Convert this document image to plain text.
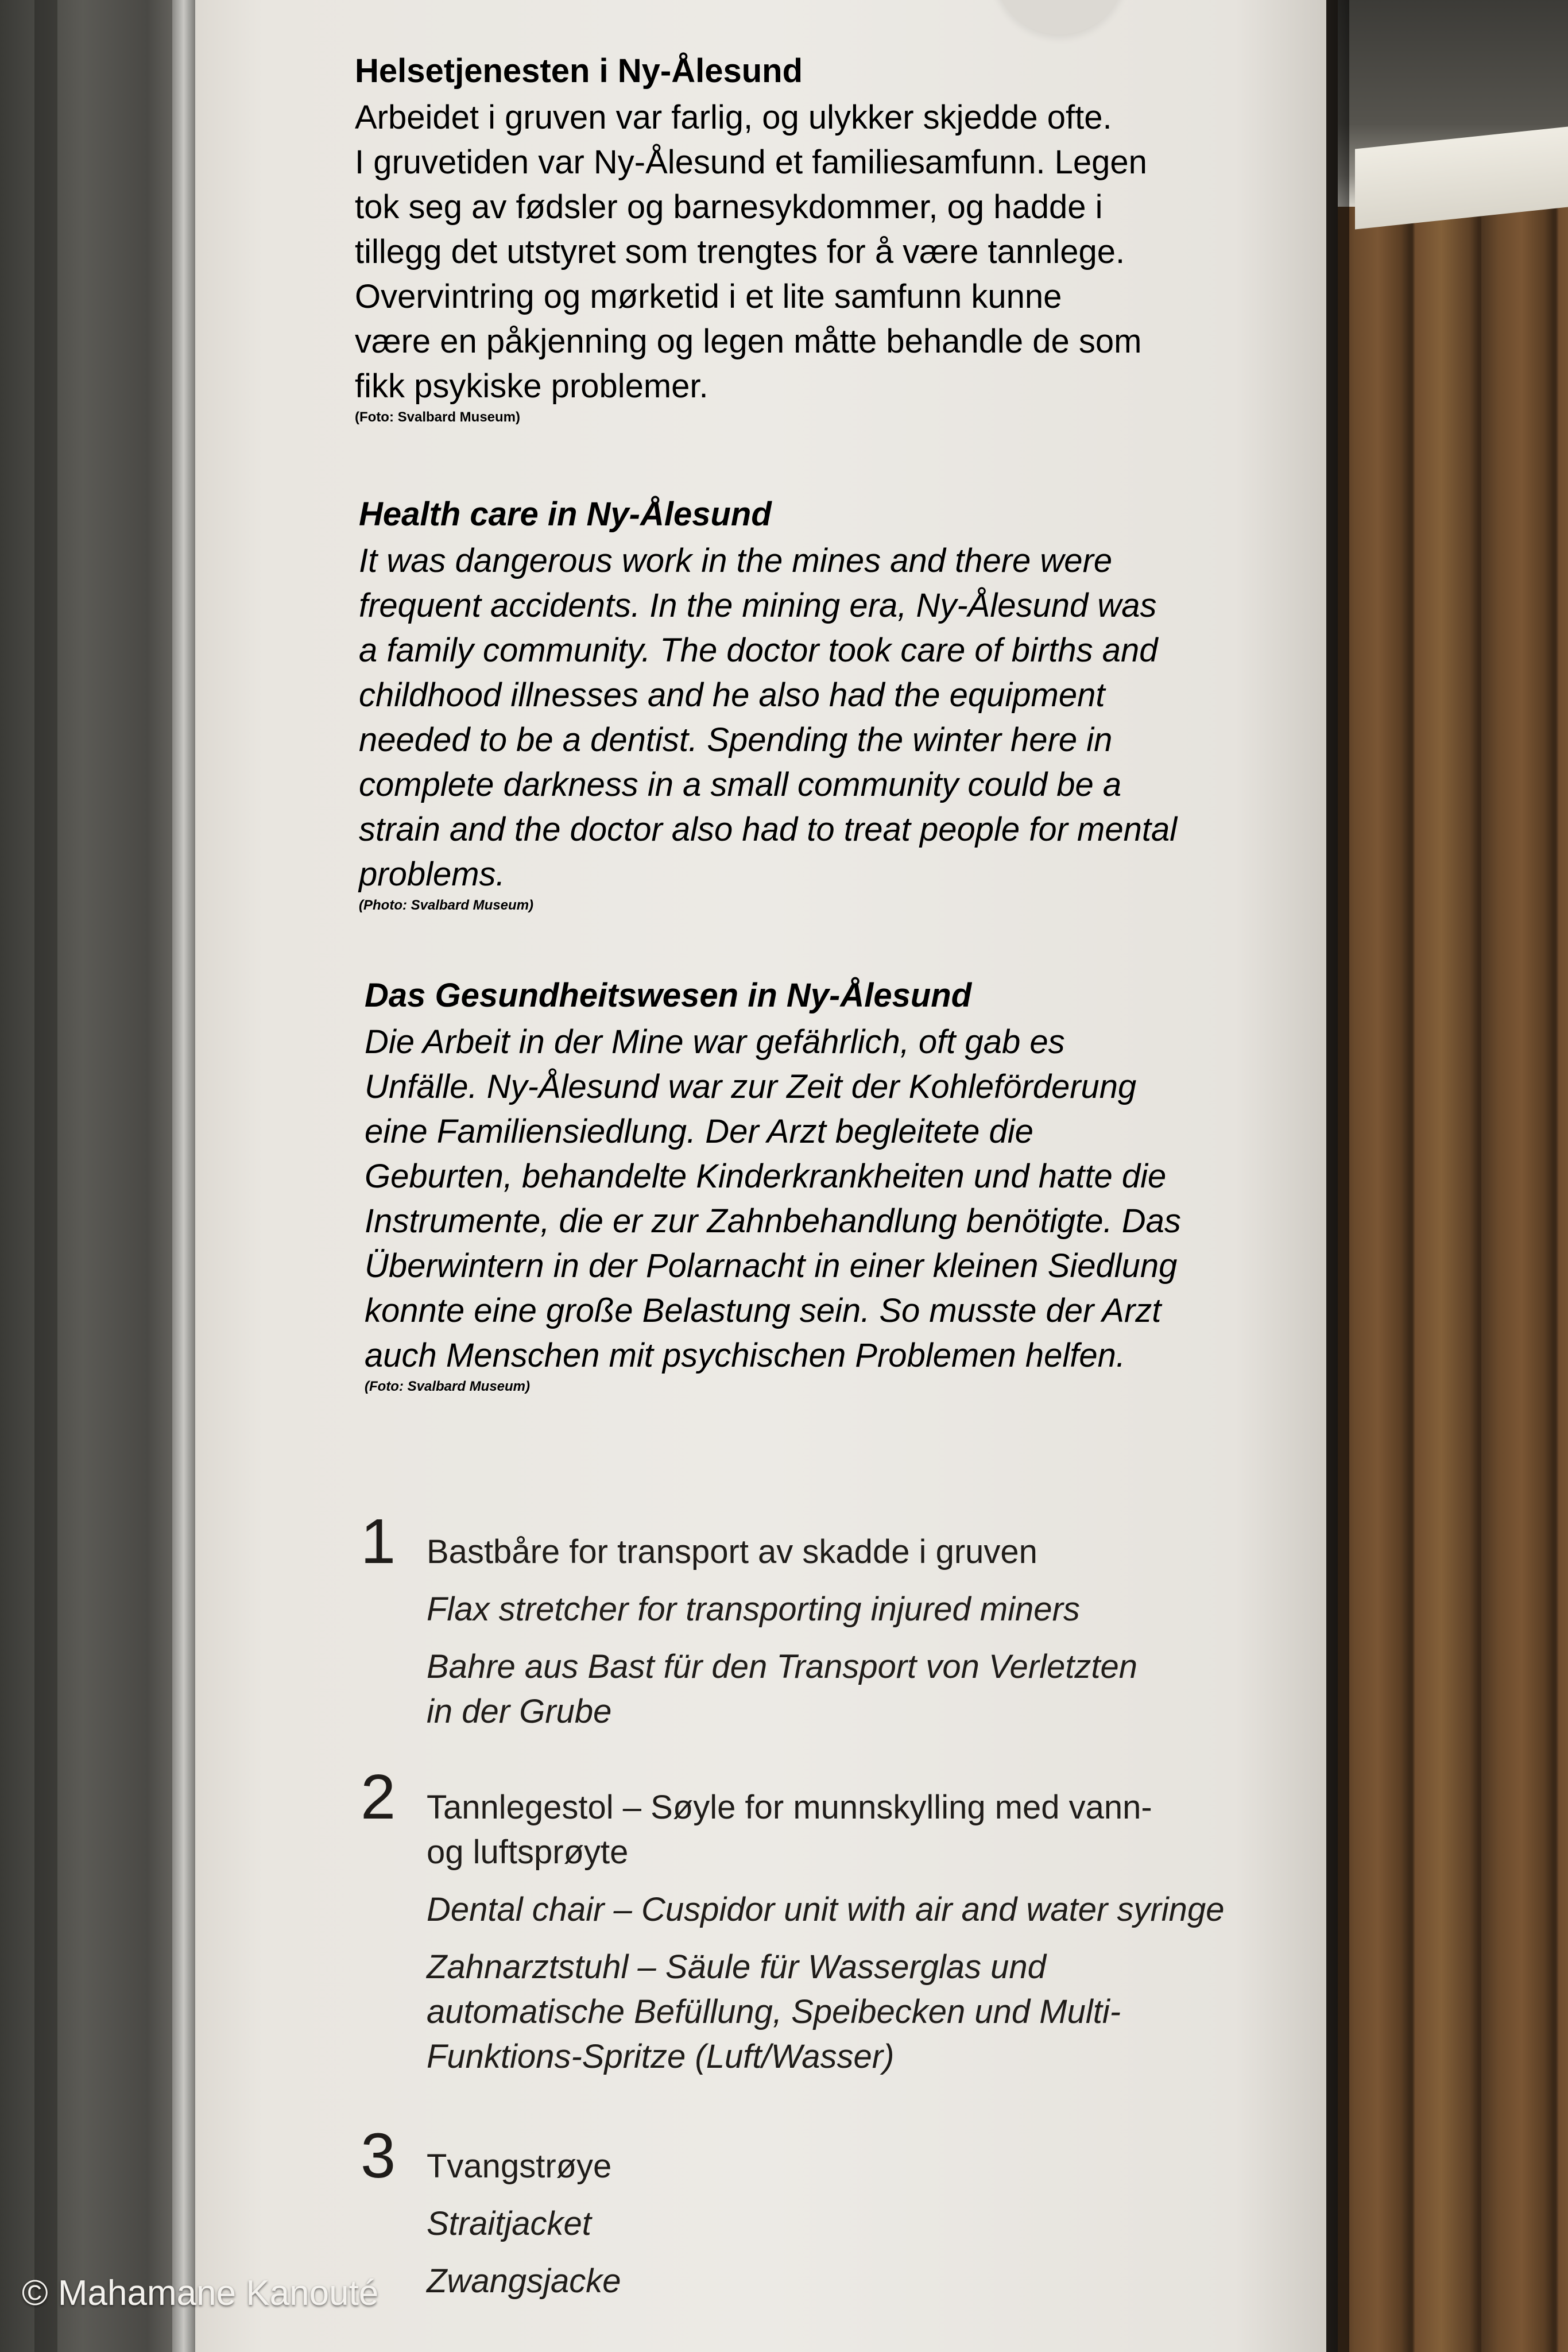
Helsetjenesten i Ny-Ålesund
Arbeidet i gruven var farlig, og ulykker skjedde ofte.
I gruvetiden var Ny-Ålesund et familiesamfunn. Legen
tok seg av fødsler og barnesykdommer, og hadde i
tillegg det utstyret som trengtes for å være tannlege.
Overvintring og mørketid i et lite samfunn kunne
være en påkjenning og legen måtte behandle de som
fikk psykiske problemer.
(Foto: Svalbard Museum)
Health care in Ny-Ålesund
It was dangerous work in the mines and there were
frequent accidents. In the mining era, Ny-Ålesund was
a family community. The doctor took care of births and
childhood illnesses and he also had the equipment
needed to be a dentist. Spending the winter here in
complete darkness in a small community could be a
strain and the doctor also had to treat people for mental
problems.
(Photo: Svalbard Museum)
Das Gesundheitswesen in Ny-Ålesund
Die Arbeit in der Mine war gefährlich, oft gab es
Unfälle. Ny-Ålesund war zur Zeit der Kohleförderung
eine Familiensiedlung. Der Arzt begleitete die
Geburten, behandelte Kinderkrankheiten und hatte die
Instrumente, die er zur Zahnbehandlung benötigte. Das
Überwintern in der Polarnacht in einer kleinen Siedlung
konnte eine große Belastung sein. So musste der Arzt
auch Menschen mit psychischen Problemen helfen.
(Foto: Svalbard Museum)
1 Bastbåre for transport av skadde i gruven
Flax stretcher for transporting injured miners
Bahre aus Bast für den Transport von Verletzten
in der Grube
2 Tannlegestol – Søyle for munnskylling med vann-
og luftsprøyte
Dental chair – Cuspidor unit with air and water syringe
Zahnarztstuhl – Säule für Wasserglas und
automatische Befüllung, Speibecken und Multi-
Funktions-Spritze (Luft/Wasser)
3 Tvangstrøye
Straitjacket
Zwangsjacke
© Mahamane Kanouté
